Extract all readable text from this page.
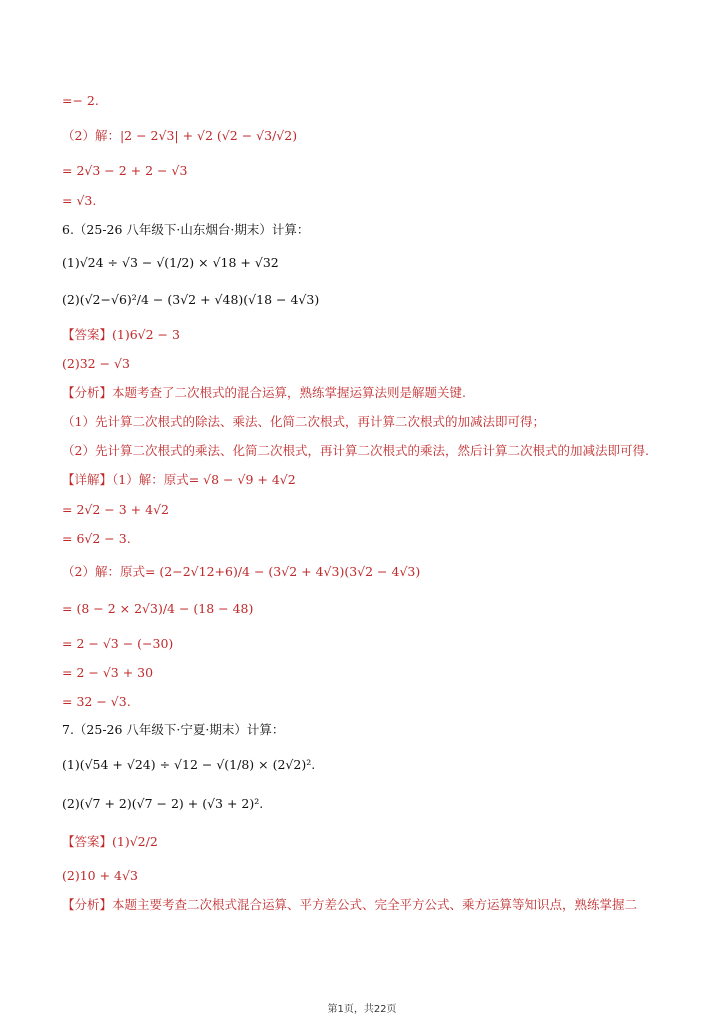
=− 2.
（2）解：|2 − 2√3| + √2 (√2 − √3/√2)
= 2√3 − 2 + 2 − √3
= √3.
6.（25-26 八年级下·山东烟台·期末）计算：
(1)√24 ÷ √3 − √(1/2) × √18 + √32
(2)(√2−√6)²/4 − (3√2 + √48)(√18 − 4√3)
【答案】(1)6√2 − 3
(2)32 − √3
【分析】本题考查了二次根式的混合运算，熟练掌握运算法则是解题关键.
（1）先计算二次根式的除法、乘法、化简二次根式，再计算二次根式的加减法即可得；
（2）先计算二次根式的乘法、化简二次根式，再计算二次根式的乘法，然后计算二次根式的加减法即可得.
【详解】（1）解：原式= √8 − √9 + 4√2
= 2√2 − 3 + 4√2
= 6√2 − 3.
（2）解：原式= (2−2√12+6)/4 − (3√2 + 4√3)(3√2 − 4√3)
= (8 − 2 × 2√3)/4 − (18 − 48)
= 2 − √3 − (−30)
= 2 − √3 + 30
= 32 − √3.
7.（25-26 八年级下·宁夏·期末）计算：
(1)(√54 + √24) ÷ √12 − √(1/8) × (2√2)².
(2)(√7 + 2)(√7 − 2) + (√3 + 2)².
【答案】(1)√2/2
(2)10 + 4√3
【分析】本题主要考查二次根式混合运算、平方差公式、完全平方公式、乘方运算等知识点，熟练掌握二
第1页，共22页
